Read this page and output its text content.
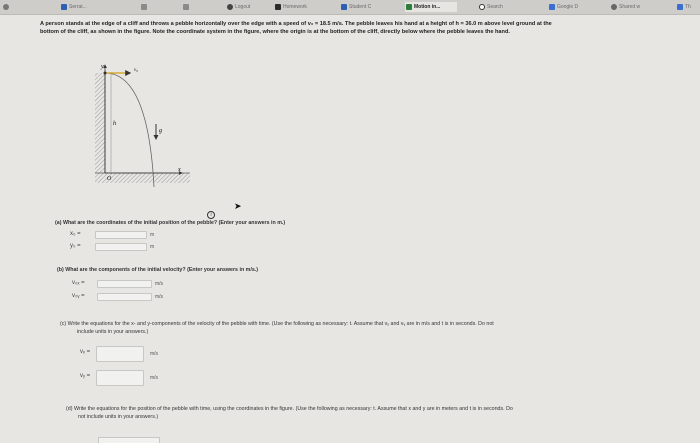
Serrat...	Logout	Homework	Student C	Motion in...	Search	Google D	Shared w	Th
A person stands at the edge of a cliff and throws a pebble horizontally over the edge with a speed of v₀ = 18.5 m/s. The pebble leaves his hand at a height of h = 36.0 m above level ground at the
bottom of the cliff, as shown in the figure. Note the coordinate system in the figure, where the origin is at the bottom of the cliff, directly below where the pebble leaves the hand.
y
x
O
v₀
h
g
i
➤
(a) What are the coordinates of the initial position of the pebble? (Enter your answers in m.)
x₀ =	m
y₀ =	m
(b) What are the components of the initial velocity? (Enter your answers in m/s.)
v₀ₓ =	m/s
v₀ᵧ =	m/s
(c) Write the equations for the x- and y-components of the velocity of the pebble with time. (Use the following as necessary: t. Assume that vₓ and vᵧ are in m/s and t is in seconds. Do not
include units in your answers.)
vₓ =	m/s
vᵧ =	m/s
(d) Write the equations for the position of the pebble with time, using the coordinates in the figure. (Use the following as necessary: t. Assume that x and y are in meters and t is in seconds. Do
not include units in your answers.)
